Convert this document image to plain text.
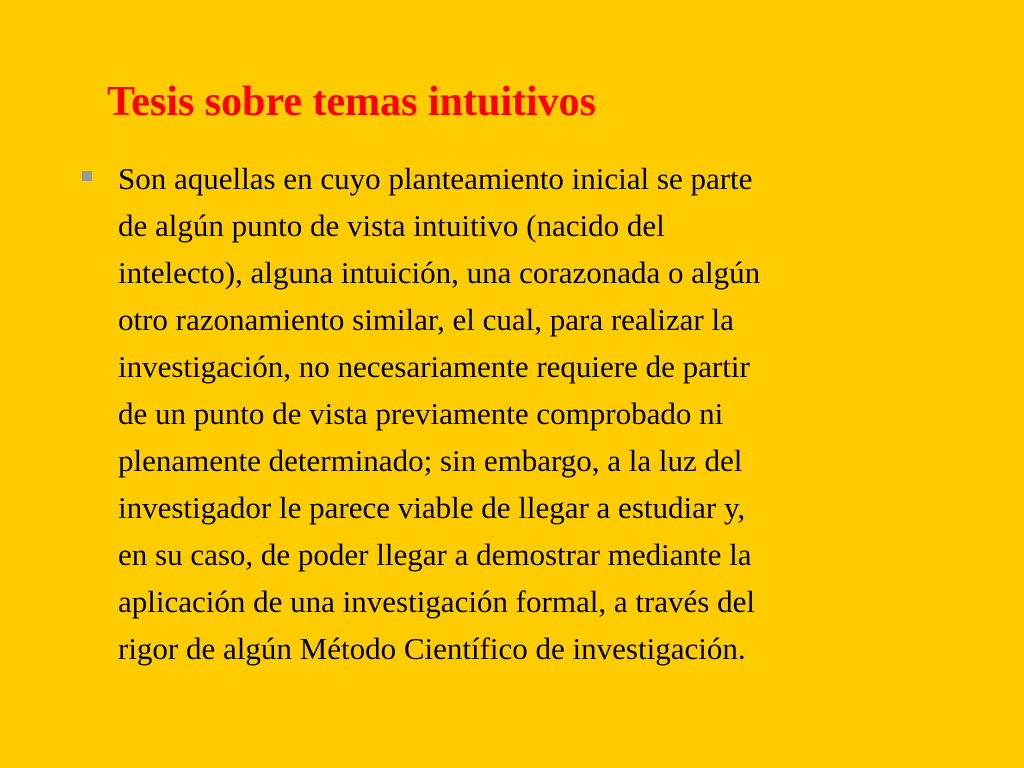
Tesis sobre temas intuitivos

Son aquellas en cuyo planteamiento inicial se parte
de algún punto de vista intuitivo (nacido del
intelecto), alguna intuición, una corazonada o algún
otro razonamiento similar, el cual, para realizar la
investigación, no necesariamente requiere de partir
de un punto de vista previamente comprobado ni
plenamente determinado; sin embargo, a la luz del
investigador le parece viable de llegar a estudiar y,
en su caso, de poder llegar a demostrar mediante la
aplicación de una investigación formal, a través del
rigor de algún Método Científico de investigación.
